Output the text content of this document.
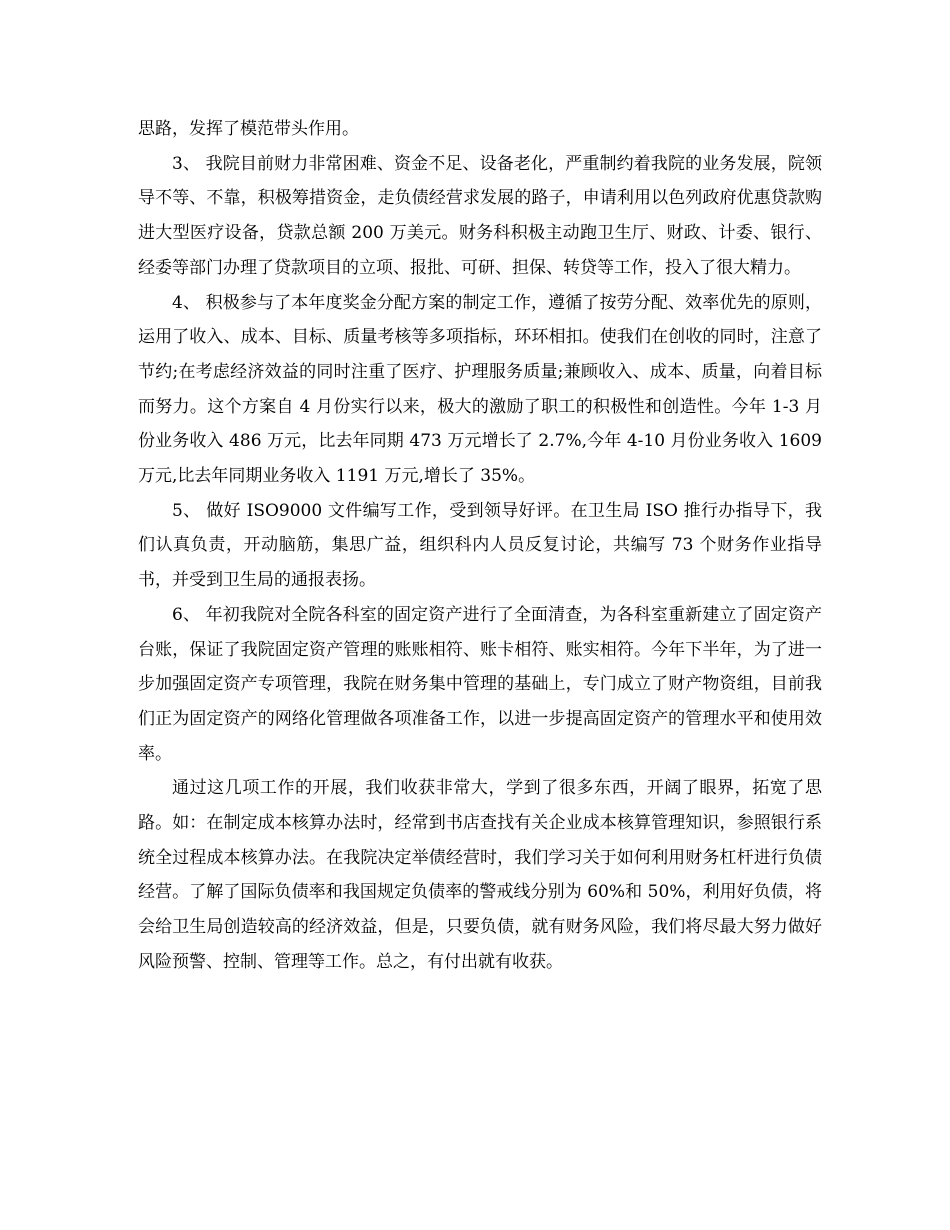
思路，发挥了模范带头作用。

3、 我院目前财力非常困难、资金不足、设备老化，严重制约着我院的业务发展，院领导不等、不靠，积极筹措资金，走负债经营求发展的路子，申请利用以色列政府优惠贷款购进大型医疗设备，贷款总额 200 万美元。财务科积极主动跑卫生厅、财政、计委、银行、经委等部门办理了贷款项目的立项、报批、可研、担保、转贷等工作，投入了很大精力。

4、 积极参与了本年度奖金分配方案的制定工作，遵循了按劳分配、效率优先的原则，运用了收入、成本、目标、质量考核等多项指标，环环相扣。使我们在创收的同时，注意了节约;在考虑经济效益的同时注重了医疗、护理服务质量;兼顾收入、成本、质量，向着目标而努力。这个方案自 4 月份实行以来，极大的激励了职工的积极性和创造性。今年 1-3 月份业务收入 486 万元，比去年同期 473 万元增长了 2.7%,今年 4-10 月份业务收入 1609 万元,比去年同期业务收入 1191 万元,增长了 35%。

5、 做好 ISO9000 文件编写工作，受到领导好评。在卫生局 ISO 推行办指导下，我们认真负责，开动脑筋，集思广益，组织科内人员反复讨论，共编写 73 个财务作业指导书，并受到卫生局的通报表扬。

6、 年初我院对全院各科室的固定资产进行了全面清查，为各科室重新建立了固定资产台账，保证了我院固定资产管理的账账相符、账卡相符、账实相符。今年下半年，为了进一步加强固定资产专项管理，我院在财务集中管理的基础上，专门成立了财产物资组，目前我们正为固定资产的网络化管理做各项准备工作，以进一步提高固定资产的管理水平和使用效率。

通过这几项工作的开展，我们收获非常大，学到了很多东西，开阔了眼界，拓宽了思路。如：在制定成本核算办法时，经常到书店查找有关企业成本核算管理知识，参照银行系统全过程成本核算办法。在我院决定举债经营时，我们学习关于如何利用财务杠杆进行负债经营。了解了国际负债率和我国规定负债率的警戒线分别为 60%和 50%，利用好负债，将会给卫生局创造较高的经济效益，但是，只要负债，就有财务风险，我们将尽最大努力做好风险预警、控制、管理等工作。总之，有付出就有收获。
